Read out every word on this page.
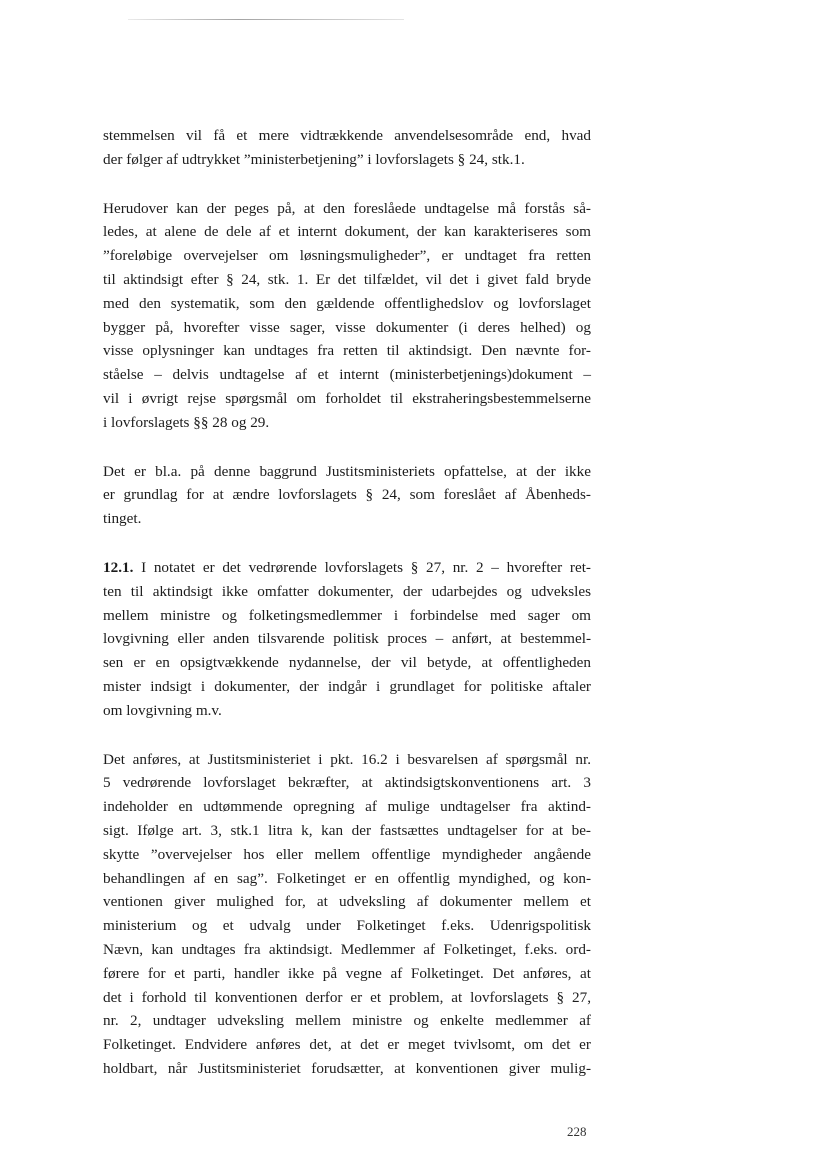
stemmelsen vil få et mere vidtrækkende anvendelsesområde end, hvad
der følger af udtrykket ”ministerbetjening” i lovforslagets § 24, stk.1.

Herudover kan der peges på, at den foreslåede undtagelse må forstås så-
ledes, at alene de dele af et internt dokument, der kan karakteriseres som
”foreløbige overvejelser om løsningsmuligheder”, er undtaget fra retten
til aktindsigt efter § 24, stk. 1. Er det tilfældet, vil det i givet fald bryde
med den systematik, som den gældende offentlighedslov og lovforslaget
bygger på, hvorefter visse sager, visse dokumenter (i deres helhed) og
visse oplysninger kan undtages fra retten til aktindsigt. Den nævnte for-
ståelse – delvis undtagelse af et internt (ministerbetjenings)dokument –
vil i øvrigt rejse spørgsmål om forholdet til ekstraheringsbestemmelserne
i lovforslagets §§ 28 og 29.

Det er bl.a. på denne baggrund Justitsministeriets opfattelse, at der ikke
er grundlag for at ændre lovforslagets § 24, som foreslået af Åbenheds-
tinget.

12.1. I notatet er det vedrørende lovforslagets § 27, nr. 2 – hvorefter ret-
ten til aktindsigt ikke omfatter dokumenter, der udarbejdes og udveksles
mellem ministre og folketingsmedlemmer i forbindelse med sager om
lovgivning eller anden tilsvarende politisk proces – anført, at bestemmel-
sen er en opsigtvækkende nydannelse, der vil betyde, at offentligheden
mister indsigt i dokumenter, der indgår i grundlaget for politiske aftaler
om lovgivning m.v.

Det anføres, at Justitsministeriet i pkt. 16.2 i besvarelsen af spørgsmål nr.
5 vedrørende lovforslaget bekræfter, at aktindsigtskonventionens art. 3
indeholder en udtømmende opregning af mulige undtagelser fra aktind-
sigt. Ifølge art. 3, stk.1 litra k, kan der fastsættes undtagelser for at be-
skytte ”overvejelser hos eller mellem offentlige myndigheder angående
behandlingen af en sag”. Folketinget er en offentlig myndighed, og kon-
ventionen giver mulighed for, at udveksling af dokumenter mellem et
ministerium og et udvalg under Folketinget f.eks. Udenrigspolitisk
Nævn, kan undtages fra aktindsigt. Medlemmer af Folketinget, f.eks. ord-
førere for et parti, handler ikke på vegne af Folketinget. Det anføres, at
det i forhold til konventionen derfor er et problem, at lovforslagets § 27,
nr. 2, undtager udveksling mellem ministre og enkelte medlemmer af
Folketinget. Endvidere anføres det, at det er meget tvivlsomt, om det er
holdbart, når Justitsministeriet forudsætter, at konventionen giver mulig-

228
